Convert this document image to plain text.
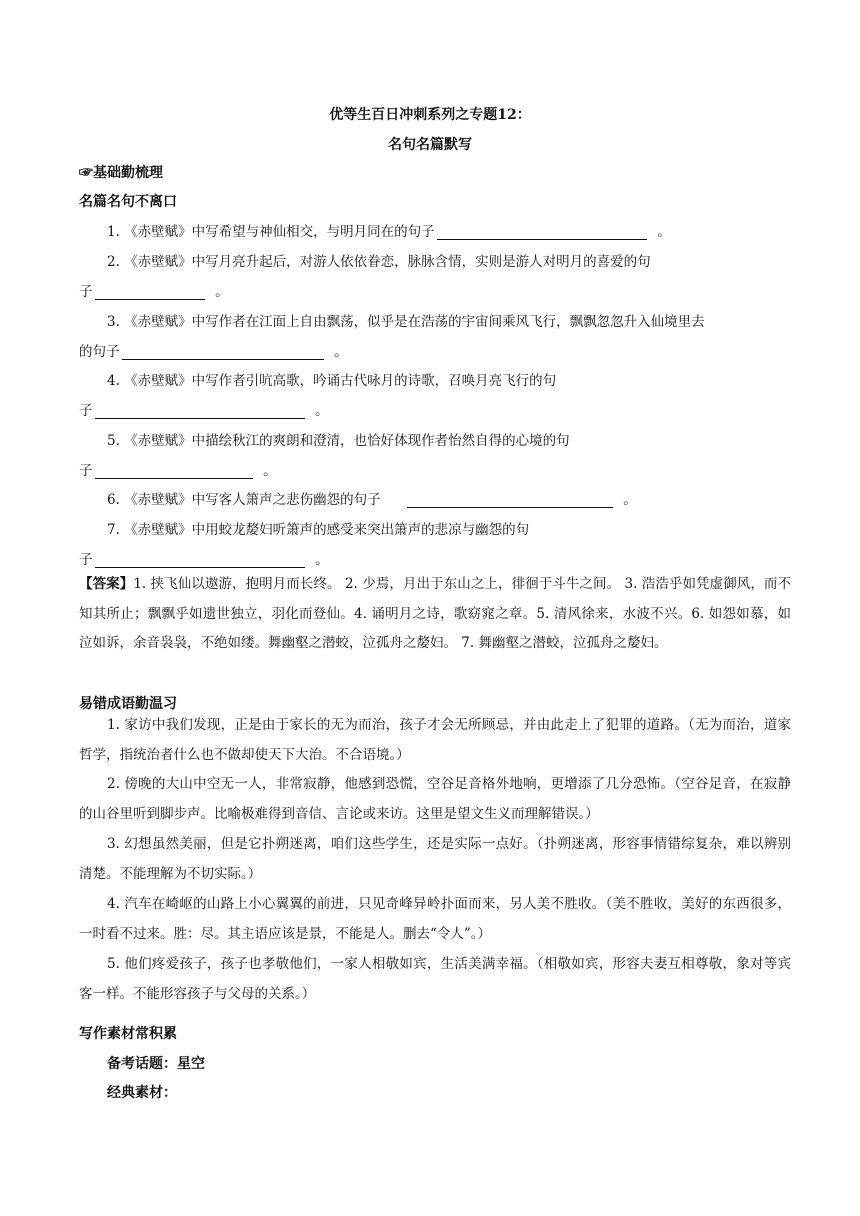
优等生百日冲刺系列之专题12：
名句名篇默写
☞基础勤梳理
名篇名句不离口
1. 《赤壁赋》中写希望与神仙相交，与明月同在的句子	。
2. 《赤壁赋》中写月亮升起后，对游人依依眷恋，脉脉含情，实则是游人对明月的喜爱的句
子	。
3. 《赤壁赋》中写作者在江面上自由飘荡，似乎是在浩荡的宇宙间乘风飞行，飘飘忽忽升入仙境里去
的句子	。
4. 《赤壁赋》中写作者引吭高歌，吟诵古代咏月的诗歌，召唤月亮飞行的句
子	。
5. 《赤壁赋》中描绘秋江的爽朗和澄清，也恰好体现作者怡然自得的心境的句
子	。
6. 《赤壁赋》中写客人箫声之悲伤幽怨的句子	。
7. 《赤壁赋》中用蛟龙嫠妇听箫声的感受来突出箫声的悲凉与幽怨的句
子	。
【答案】1. 挟飞仙以遨游，抱明月而长终。 2. 少焉，月出于东山之上，徘徊于斗牛之间。 3. 浩浩乎如凭虚御风，而不知其所止；飘飘乎如遗世独立，羽化而登仙。4. 诵明月之诗，歌窈窕之章。5. 清风徐来，水波不兴。6. 如怨如慕，如泣如诉，余音袅袅，不绝如缕。舞幽壑之潜蛟，泣孤舟之嫠妇。 7. 舞幽壑之潜蛟，泣孤舟之嫠妇。
易错成语勤温习
1. 家访中我们发现，正是由于家长的无为而治，孩子才会无所顾忌，并由此走上了犯罪的道路。（无为而治，道家哲学，指统治者什么也不做却使天下大治。不合语境。）
2. 傍晚的大山中空无一人，非常寂静，他感到恐慌，空谷足音格外地响，更增添了几分恐怖。（空谷足音，在寂静的山谷里听到脚步声。比喻极难得到音信、言论或来访。这里是望文生义而理解错误。）
3. 幻想虽然美丽，但是它扑朔迷离，咱们这些学生，还是实际一点好。（扑朔迷离，形容事情错综复杂，难以辨别清楚。不能理解为不切实际。）
4. 汽车在崎岖的山路上小心翼翼的前进，只见奇峰异岭扑面而来，另人美不胜收。（美不胜收，美好的东西很多，一时看不过来。胜：尽。其主语应该是景，不能是人。删去“令人”。）
5. 他们疼爱孩子，孩子也孝敬他们，一家人相敬如宾，生活美满幸福。（相敬如宾，形容夫妻互相尊敬，象对等宾客一样。不能形容孩子与父母的关系。）
写作素材常积累
备考话题：星空
经典素材：
